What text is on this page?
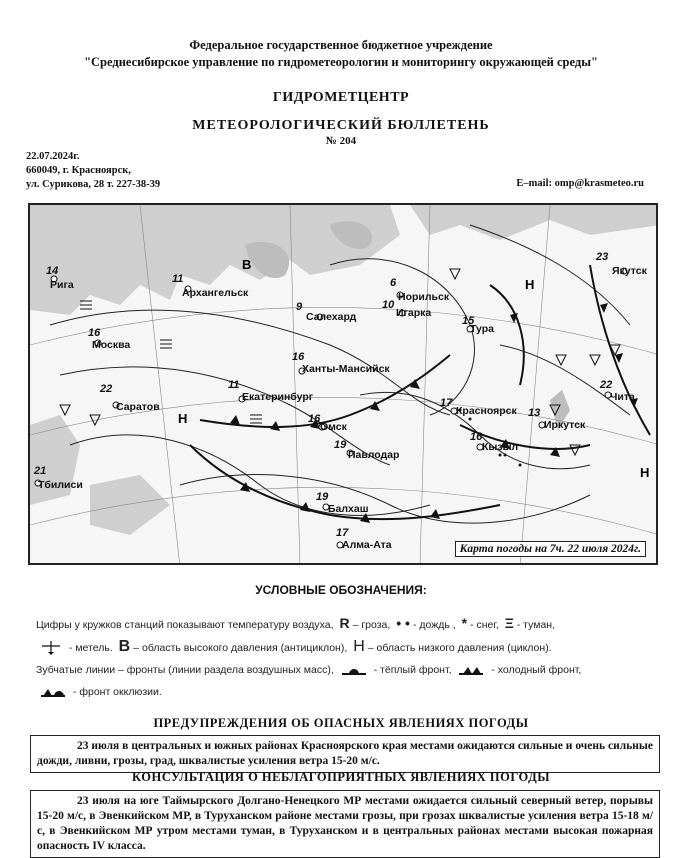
Федеральное государственное бюджетное учреждение
"Среднесибирское управление по гидрометеорологии и мониторингу окружающей среды"
ГИДРОМЕТЦЕНТР
МЕТЕОРОЛОГИЧЕСКИЙ БЮЛЛЕТЕНЬ
№ 204
22.07.2024г.
660049, г. Красноярск,
ул. Сурикова, 28 т. 227-38-39	E–mail: omp@krasmeteo.ru
В
Н
Н
Н
Рига
14
Архангельск
11
Норильск
6
Якутск
23
Салехард
9	Игарка
10
Тура
15
Москва
16
Ханты-Мансийск
16
Екатеринбург
11
Саратов
22
Омск
16
Павлодар
19
Красноярск
17
Кызыл
16
Иркутск
13
Чита
22
Тбилиси
21
Балхаш
19
Алма-Ата
17
Карта погоды на 7ч. 22 июля 2024г.
УСЛОВНЫЕ ОБОЗНАЧЕНИЯ:
Цифры у кружков станций показывают температуру воздуха, R – гроза, • • - дождь , * - снег, Ξ - туман,
- метель. В – область высокого давления (антициклон), Н – область низкого давления (циклон).
Зубчатые линии – фронты (линии раздела воздушных масс),	- тёплый фронт,	- холодный фронт,
- фронт окклюзии.
ПРЕДУПРЕЖДЕНИЯ ОБ ОПАСНЫХ ЯВЛЕНИЯХ ПОГОДЫ
23 июля в центральных и южных районах Красноярского края местами ожидаются сильные и очень сильные дожди, ливни, грозы, град, шквалистые усиления ветра 15-20 м/с.
КОНСУЛЬТАЦИЯ О НЕБЛАГОПРИЯТНЫХ ЯВЛЕНИЯХ ПОГОДЫ
23 июля на юге Таймырского Долгано-Ненецкого МР местами ожидается сильный северный ветер, порывы 15-20 м/с, в Эвенкийском МР, в Туруханском районе местами грозы, при грозах шквалистые усиления ветра 15-18 м/с, в Эвенкийском МР утром местами туман, в Туруханском и в центральных районах местами высокая пожарная опасность IV класса.
